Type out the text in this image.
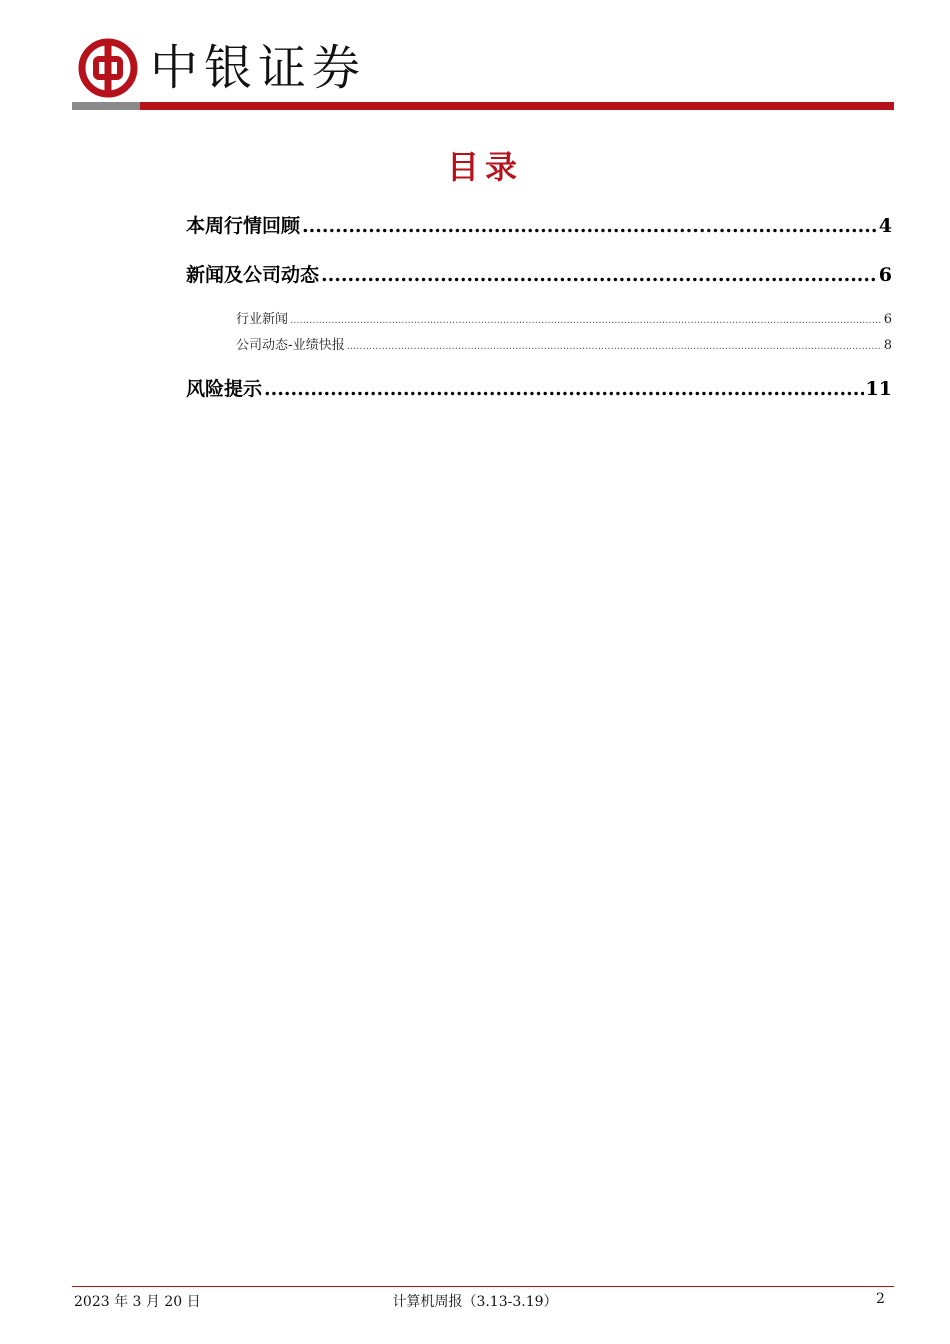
中银证券
目录
本周行情回顾 .....	4
新闻及公司动态 .....	6
行业新闻 .....	6
公司动态-业绩快报 .....	8
风险提示 .....	11
2023 年 3 月 20 日	计算机周报（3.13-3.19）	2
